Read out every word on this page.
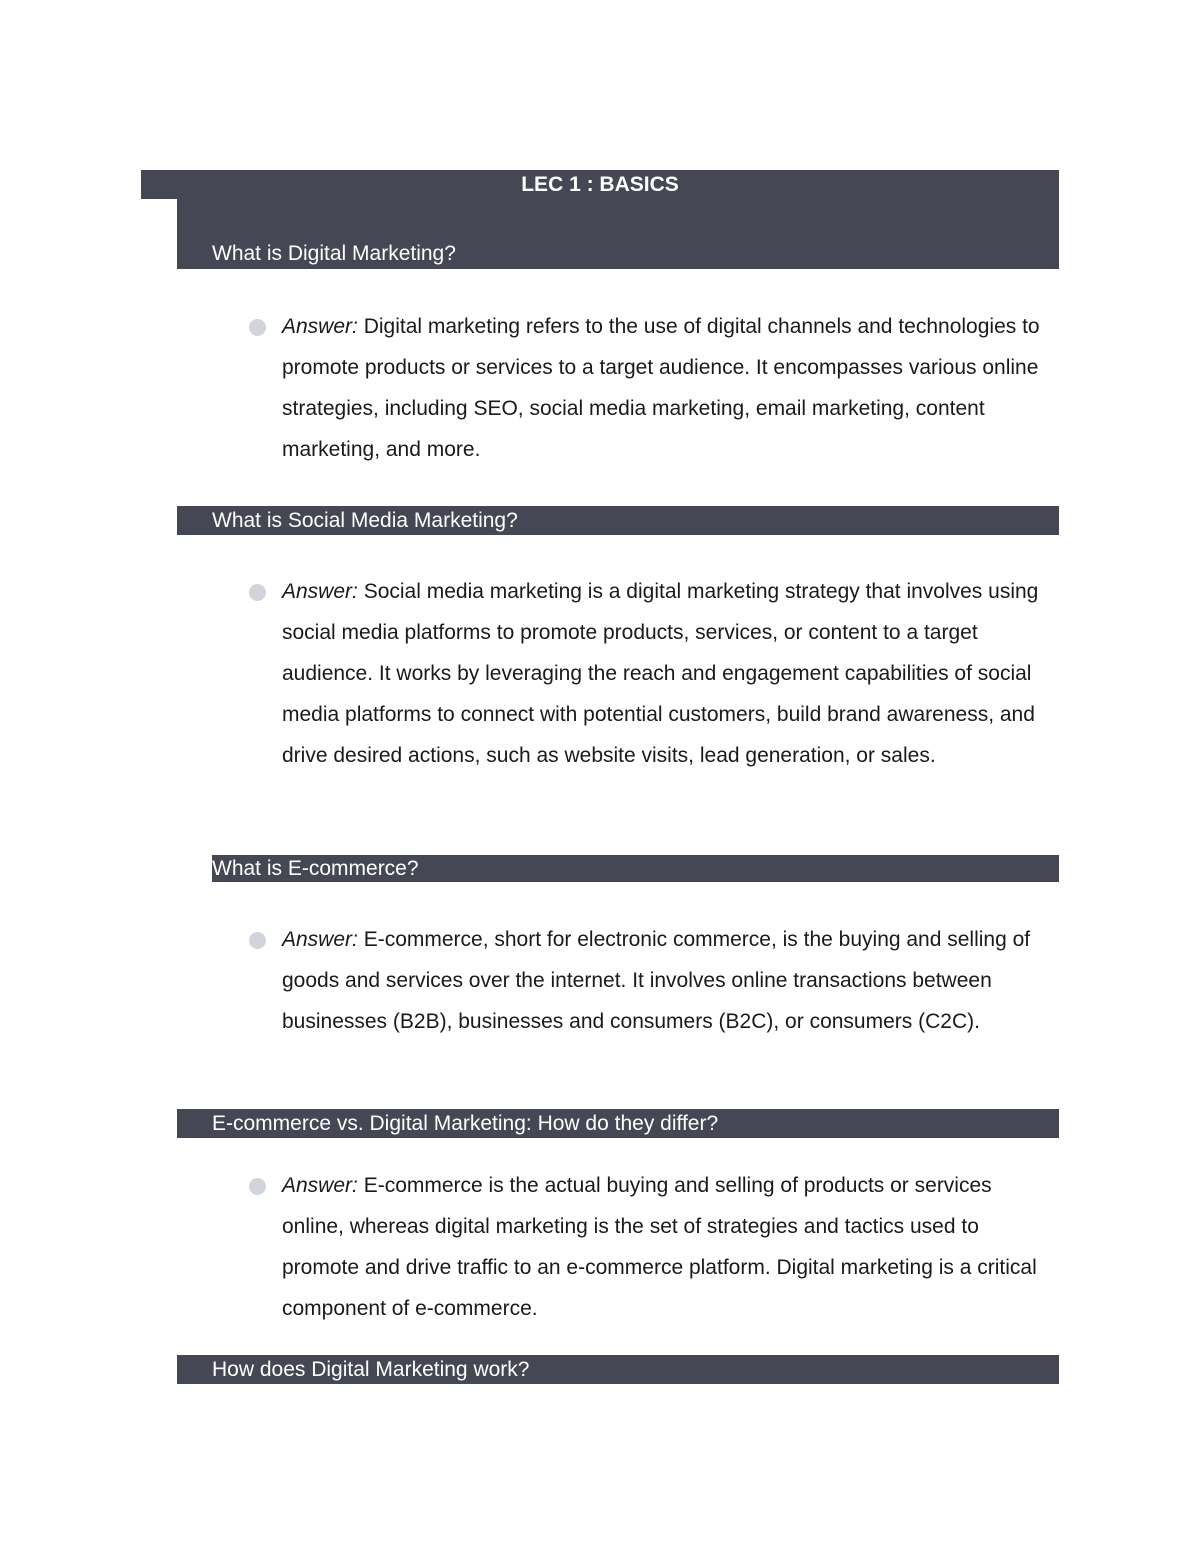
LEC 1 : BASICS
What is Digital Marketing?
Answer: Digital marketing refers to the use of digital channels and technologies to promote products or services to a target audience. It encompasses various online strategies, including SEO, social media marketing, email marketing, content marketing, and more.
What is Social Media Marketing?
Answer: Social media marketing is a digital marketing strategy that involves using social media platforms to promote products, services, or content to a target audience. It works by leveraging the reach and engagement capabilities of social media platforms to connect with potential customers, build brand awareness, and drive desired actions, such as website visits, lead generation, or sales.
What is E-commerce?
Answer: E-commerce, short for electronic commerce, is the buying and selling of goods and services over the internet. It involves online transactions between businesses (B2B), businesses and consumers (B2C), or consumers (C2C).
E-commerce vs. Digital Marketing: How do they differ?
Answer: E-commerce is the actual buying and selling of products or services online, whereas digital marketing is the set of strategies and tactics used to promote and drive traffic to an e-commerce platform. Digital marketing is a critical component of e-commerce.
How does Digital Marketing work?
